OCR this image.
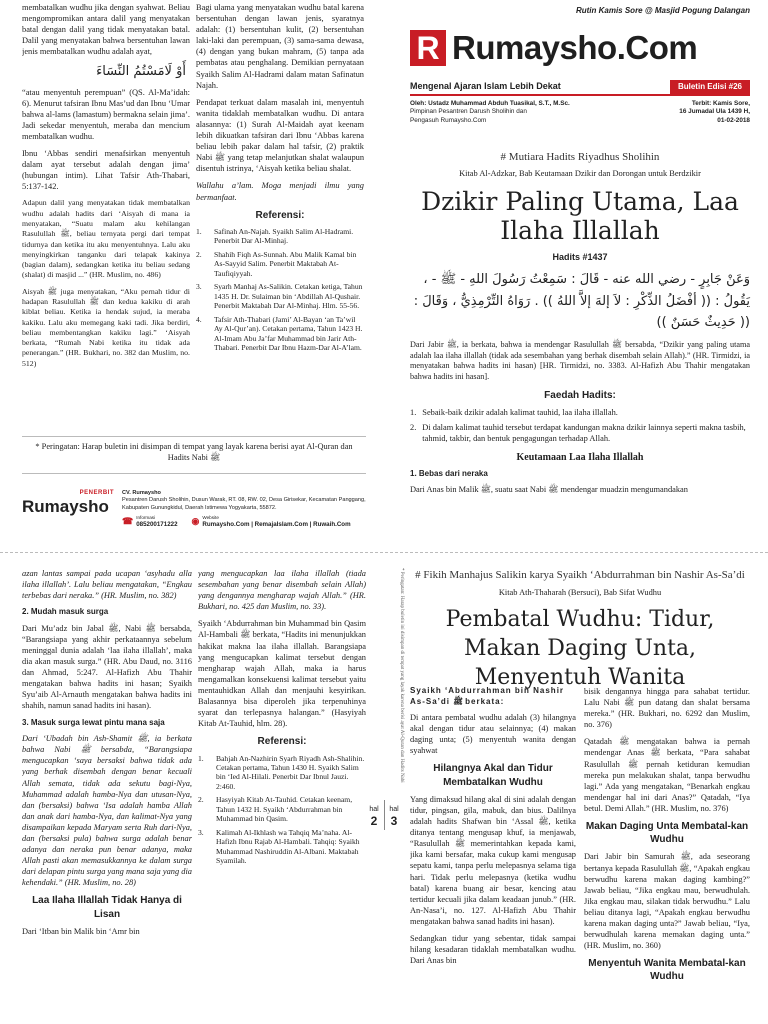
membatalkan wudhu jika dengan syahwat. Beliau mengompromikan antara dalil yang menyatakan batal dengan dalil yang tidak menyatakan batal. Dalil yang menyatakan bahwa bersentuhan lawan jenis membatalkan wudhu adalah ayat,

أَوْ لَامَسْتُمُ النِّسَاءَ

“atau menyentuh perempuan” (QS. Al-Ma’idah: 6). Menurut tafsiran Ibnu Mas’ud dan Ibnu ‘Umar bahwa al-lams (lamastum) bermakna selain jima’. Jadi sekedar menyentuh, meraba dan mencium membatalkan wudhu.

Ibnu ‘Abbas sendiri menafsirkan menyentuh dalam ayat tersebut adalah dengan jima’ (hubungan intim). Lihat Tafsir Ath-Thabari, 5:137-142.

Adapun dalil yang menyatakan tidak membatalkan wudhu adalah hadits dari ‘Aisyah di mana ia menyatakan, “Suatu malam aku kehilangan Rasulullah ﷺ, beliau ternyata pergi dari tempat tidurnya dan ketika itu aku menyentuhnya. Lalu aku menyingkirkan tanganku dari telapak kakinya (bagian dalam), sedangkan ketika itu beliau sedang (shalat) di masjid ...” (HR. Muslim, no. 486)

Aisyah ﷺ juga menyatakan, “Aku pernah tidur di hadapan Rasulullah ﷺ dan kedua kakiku di arah kiblat beliau. Ketika ia hendak sujud, ia meraba kakiku. Lalu aku memegang kaki tadi. Jika berdiri, beliau membentangkan kakiku lagi.” ‘Aisyah berkata, “Rumah Nabi ketika itu tidak ada penerangan.” (HR. Bukhari, no. 382 dan Muslim, no. 512)

Bagi ulama yang menyatakan wudhu batal karena bersentuhan dengan lawan jenis, syaratnya adalah: (1) bersentuhan kulit, (2) bersentuhan laki-laki dan perempuan, (3) sama-sama dewasa, (4) dengan yang bukan mahram, (5) tanpa ada pembatas atau penghalang. Demikian pernyataan Syaikh Salim Al-Hadrami dalam matan Safinatun Najah.

Pendapat terkuat dalam masalah ini, menyentuh wanita tidaklah membatalkan wudhu. Di antara alasannya: (1) Surah Al-Maidah ayat keenam lebih dikuatkan tafsiran dari Ibnu ‘Abbas karena beliau lebih pakar dalam hal tafsir, (2) praktik Nabi ﷺ yang tetap melanjutkan shalat walaupun disentuh istrinya, ‘Aisyah ketika beliau shalat.

Wallahu a’lam. Moga menjadi ilmu yang bermanfaat.

Referensi:
1.	Safinah An-Najah. Syaikh Salim Al-Hadrami. Penerbit Dar Al-Minhaj.
2.	Shahih Fiqh As-Sunnah. Abu Malik Kamal bin As-Sayyid Salim. Penerbit Maktabah At-Taufiqiyyah.
3.	Syarh Manhaj As-Salikin. Cetakan ketiga, Tahun 1435 H. Dr. Sulaiman bin ‘Abdillah Al-Qushair. Penerbit Maktabah Dar Al-Minhaj. Hlm. 55-56.
4.	Tafsir Ath-Thabari (Jami’ Al-Bayan ‘an Ta’wil Ay Al-Qur’an). Cetakan pertama, Tahun 1423 H. Al-Imam Abu Ja’far Muhammad bin Jarir Ath-Thabari. Penerbit Dar Ibnu Hazm-Dar Al-A’lam.
* Peringatan: Harap buletin ini disimpan di tempat yang layak karena berisi ayat Al-Quran dan Hadits Nabi ﷺ
PENERBIT
Rumaysho
CV. Rumaysho
Pesantren Darush Sholihin, Dusun Warak, RT. 08, RW. 02, Desa Girisekar, Kecamatan Panggang, Kabupaten Gunungkidul, Daerah Istimewa Yogyakarta, 55872.
☎ Informasi
085200171222 ◉ Website
Rumaysho.Com | RemajaIslam.Com | Ruwaih.Com
Rutin Kamis Sore @ Masjid Pogung Dalangan
R Rumaysho.Com
Mengenal Ajaran Islam Lebih Dekat	Buletin Edisi #26
Oleh: Ustadz Muhammad Abduh Tuasikal, S.T., M.Sc.
Pimpinan Pesantren Darush Sholihin dan
Pengasuh Rumaysho.Com
Terbit: Kamis Sore,
16 Jumadal Ula 1439 H,
01-02-2018
# Mutiara Hadits Riyadhus Sholihin
Kitab Al-Adzkar, Bab Keutamaan Dzikir dan Dorongan untuk Berdzikir
Dzikir Paling Utama, Laa Ilaha Illallah
Hadits #1437
وَعَنْ جَابِرٍ - رضي الله عنه - قَالَ : سَمِعْتُ رَسُولَ اللهِ - ﷺ - ، يَقُولُ : (( أفْضَلُ الذِّكْرِ : لاَ إلهَ إلاَّ اللهُ )) . رَوَاهُ التِّرْمِذِيُّ ، وَقَالَ : (( حَدِيثٌ حَسَنٌ ))

Dari Jabir ﷺ, ia berkata, bahwa ia mendengar Rasulullah ﷺ bersabda, “Dzikir yang paling utama adalah laa ilaha illallah (tidak ada sesembahan yang berhak disembah selain Allah).” (HR. Tirmidzi, ia menyatakan bahwa hadits ini hasan) [HR. Tirmidzi, no. 3383. Al-Hafizh Abu Thahir mengatakan bahwa hadits ini hasan].

Faedah Hadits:
1. Sebaik-baik dzikir adalah kalimat tauhid, laa ilaha illallah.
2. Di dalam kalimat tauhid tersebut terdapat kandungan makna dzikir lainnya seperti makna tasbih, tahmid, takbir, dan bentuk pengagungan terhadap Allah.
Keutamaan Laa Ilaha Illallah
1. Bebas dari neraka

Dari Anas bin Malik ﷺ, suatu saat Nabi ﷺ mendengar muadzin mengumandakan

azan lantas sampai pada ucapan ‘asyhadu alla ilaha illallah’. Lalu beliau mengatakan, “Engkau terbebas dari neraka.” (HR. Muslim, no. 382)

2. Mudah masuk surga

Dari Mu’adz bin Jabal ﷺ, Nabi ﷺ bersabda, “Barangsiapa yang akhir perkataannya sebelum meninggal dunia adalah ‘laa ilaha illallah’, maka dia akan masuk surga.” (HR. Abu Daud, no. 3116 dan Ahmad, 5:247. Al-Hafizh Abu Thahir mengatakan bahwa hadits ini hasan; Syaikh Syu’aib Al-Arnauth mengatakan bahwa hadits ini shahih, namun sanad hadits ini hasan).

3. Masuk surga lewat pintu mana saja

Dari ‘Ubadah bin Ash-Shamit ﷺ, ia berkata bahwa Nabi ﷺ bersabda, “Barangsiapa mengucapkan ‘saya bersaksi bahwa tidak ada yang berhak disembah dengan benar kecuali Allah semata, tidak ada sekutu bagi-Nya, Muhammad adalah hamba-Nya dan utusan-Nya, dan (bersaksi) bahwa ‘Isa adalah hamba Allah dan anak dari hamba-Nya, dan kalimat-Nya yang disampaikan kepada Maryam serta Ruh dari-Nya, dan (bersaksi pula) bahwa surga adalah benar adanya dan neraka pun benar adanya, maka Allah pasti akan memasukkannya ke dalam surga dari delapan pintu surga yang mana saja yang dia kehendaki.” (HR. Muslim, no. 28)

Laa Ilaha Illallah Tidak Hanya di Lisan

Dari ‘Itban bin Malik bin ‘Amr bin

yang mengucapkan laa ilaha illallah (tiada sesembahan yang benar disembah selain Allah) yang dengannya mengharap wajah Allah.” (HR. Bukhari, no. 425 dan Muslim, no. 33).

Syaikh ‘Abdurrahman bin Muhammad bin Qasim Al-Hambali ﷺ berkata, “Hadits ini menunjukkan hakikat makna laa ilaha illallah. Barangsiapa yang mengucapkan kalimat tersebut dengan mengharap wajah Allah, maka ia harus mengamalkan konsekuensi kalimat tersebut yaitu mentauhidkan Allah dan menjauhi kesyirikan. Balasannya bisa diperoleh jika terpenuhinya syarat dan terlepasnya halangan.” (Hasyiyah Kitab At-Tauhid, hlm. 28).

Referensi:
1.	Bahjah An-Nazhirin Syarh Riyadh Ash-Shalihin. Cetakan pertama, Tahun 1430 H. Syaikh Salim bin ‘Ied Al-Hilali. Penerbit Dar Ibnul Jauzi. 2:460.
2.	Hasyiyah Kitab At-Tauhid. Cetakan keenam, Tahun 1432 H. Syaikh ‘Abdurrahman bin Muhammad bin Qasim.
3.	Kalimah Al-Ikhlash wa Tahqiq Ma’naha. Al-Hafizh Ibnu Rajab Al-Hambali. Tahqiq: Syaikh Muhammad Nashiruddin Al-Albani. Maktabah Syamilah.
hal
2
hal
3
* Peringatan: Harap buletin ini disimpan di tempat yang layak karena berisi ayat Al-Quran dan Hadits Nabi	# Fikih Manhajus Salikin karya Syaikh ‘Abdurrahman bin Nashir As-Sa’di
Kitab Ath-Thaharah (Bersuci), Bab Sifat Wudhu
Pembatal Wudhu: Tidur, Makan Daging Unta, Menyentuh Wanita
Syaikh ‘Abdurrahman bin Nashir As-Sa’di ﷺ berkata:

Di antara pembatal wudhu adalah (3) hilangnya akal dengan tidur atau selainnya; (4) makan daging unta; (5) menyentuh wanita dengan syahwat

Hilangnya Akal dan Tidur Membatalkan Wudhu

Yang dimaksud hilang akal di sini adalah dengan tidur, pingsan, gila, mabuk, dan bius. Dalilnya adalah hadits Shafwan bin ‘Assal ﷺ, ketika ditanya tentang mengusap khuf, ia menjawab, “Rasulullah ﷺ memerintahkan kepada kami, jika kami bersafar, maka cukup kami mengusap sepatu kami, tanpa perlu melepasnya selama tiga hari. Tidak perlu melepasnya (ketika wudhu batal) karena buang air besar, kencing atau tertidur kecuali jika dalam keadaan junub.” (HR. An-Nasa’i, no. 127. Al-Hafizh Abu Thahir mengatakan bahwa sanad hadits ini hasan).

Sedangkan tidur yang sebentar, tidak sampai hilang kesadaran tidaklah membatalkan wudhu. Dari Anas bin

bisik dengannya hingga para sahabat tertidur. Lalu Nabi ﷺ pun datang dan shalat bersama mereka.” (HR. Bukhari, no. 6292 dan Muslim, no. 376)

Qatadah ﷺ mengatakan bahwa ia pernah mendengar Anas ﷺ berkata, “Para sahabat Rasulullah ﷺ pernah ketiduran kemudian mereka pun melakukan shalat, tanpa berwudhu lagi.” Ada yang mengatakan, “Benarkah engkau mendengar hal ini dari Anas?” Qatadah, “Iya betul. Demi Allah.” (HR. Muslim, no. 376)

Makan Daging Unta Membatal-kan Wudhu

Dari Jabir bin Samurah ﷺ, ada seseorang bertanya kepada Rasulullah ﷺ, “Apakah engkau berwudhu karena makan daging kambing?” Jawab beliau, “Jika engkau mau, berwudhulah. Jika engkau mau, silakan tidak berwudhu.” Lalu beliau ditanya lagi, “Apakah engkau berwudhu karena makan daging unta?” Jawab beliau, “Iya, berwudhulah karena memakan daging unta.” (HR. Muslim, no. 360)

Menyentuh Wanita Membatal-kan Wudhu
